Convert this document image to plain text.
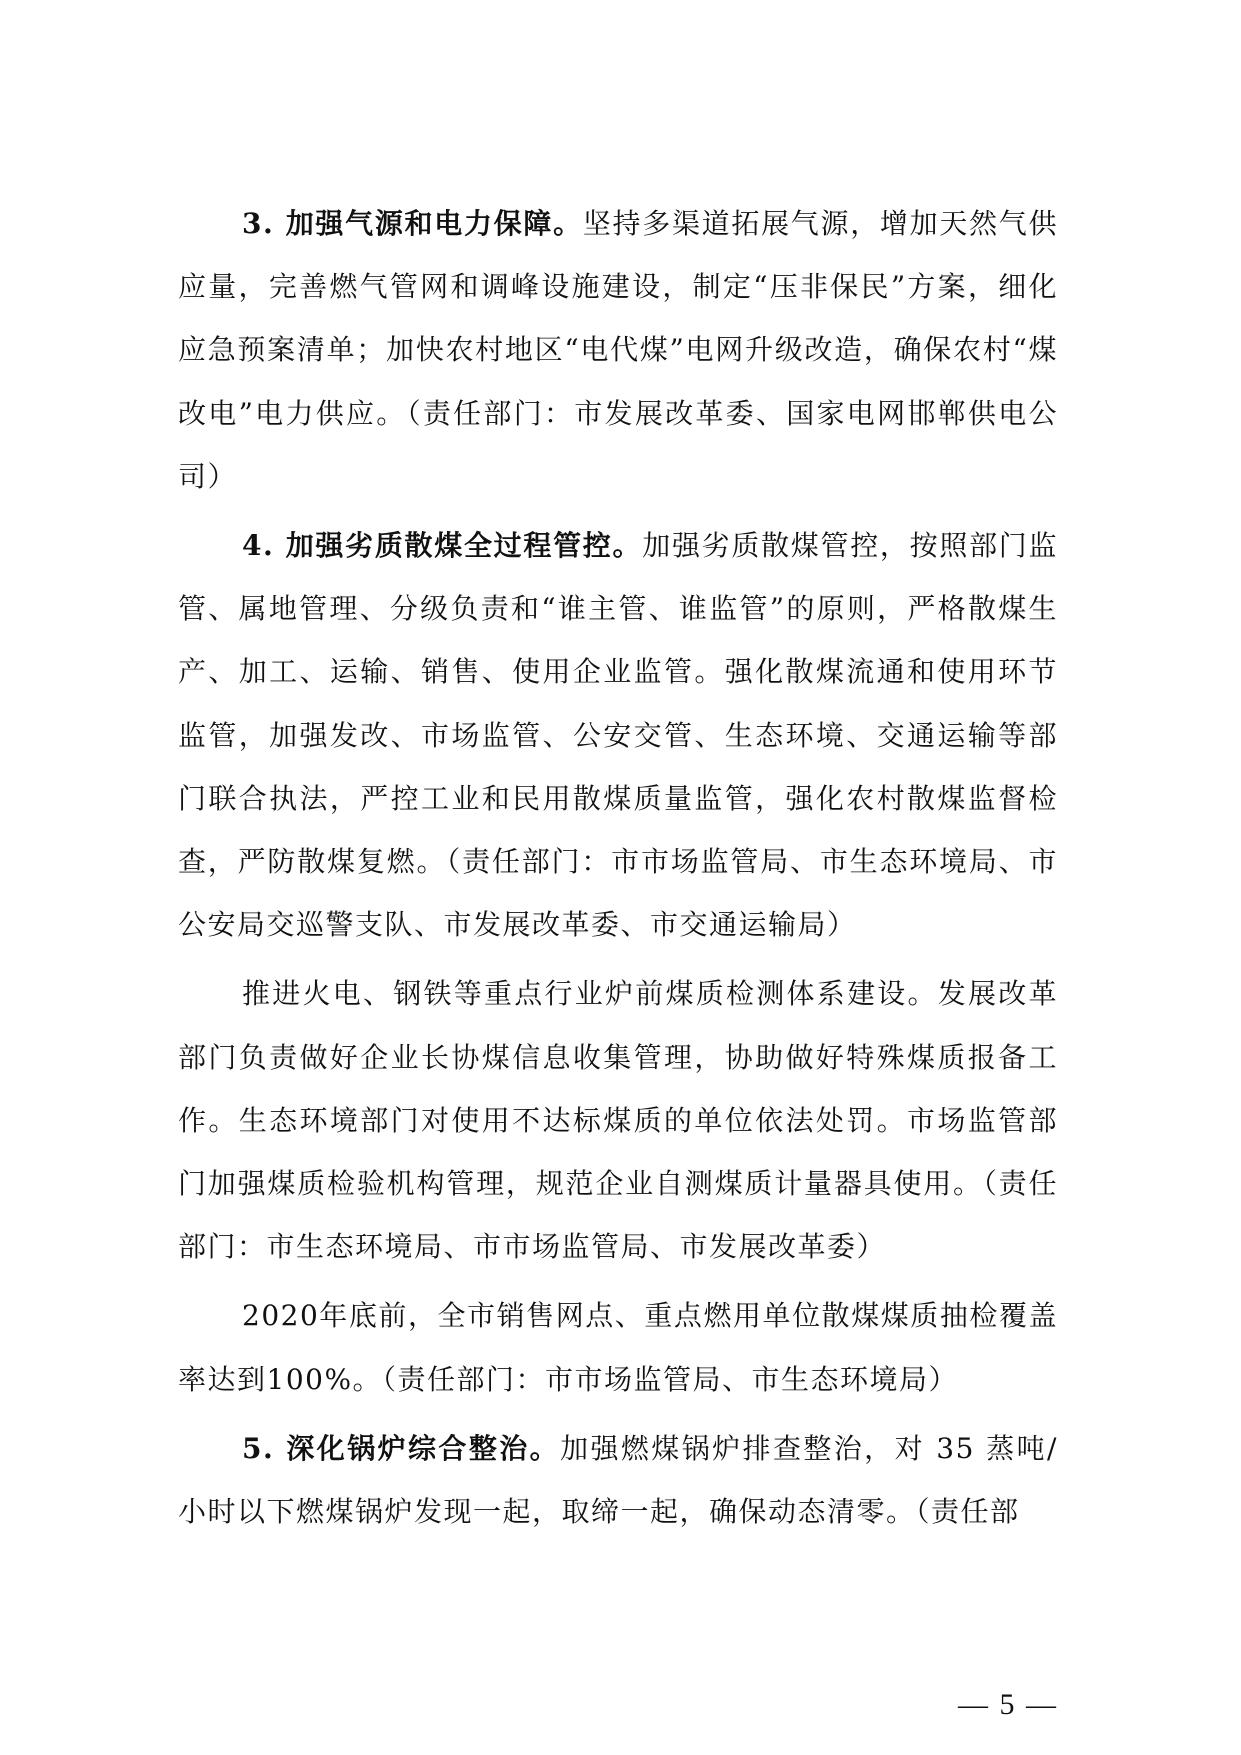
3. 加强气源和电力保障。坚持多渠道拓展气源，增加天然气供应量，完善燃气管网和调峰设施建设，制定“压非保民”方案，细化应急预案清单；加快农村地区“电代煤”电网升级改造，确保农村“煤改电”电力供应。（责任部门：市发展改革委、国家电网邯郸供电公司）

4. 加强劣质散煤全过程管控。加强劣质散煤管控，按照部门监管、属地管理、分级负责和“谁主管、谁监管”的原则，严格散煤生产、加工、运输、销售、使用企业监管。强化散煤流通和使用环节监管，加强发改、市场监管、公安交管、生态环境、交通运输等部门联合执法，严控工业和民用散煤质量监管，强化农村散煤监督检查，严防散煤复燃。（责任部门：市市场监管局、市生态环境局、市公安局交巡警支队、市发展改革委、市交通运输局）

推进火电、钢铁等重点行业炉前煤质检测体系建设。发展改革部门负责做好企业长协煤信息收集管理，协助做好特殊煤质报备工作。生态环境部门对使用不达标煤质的单位依法处罚。市场监管部门加强煤质检验机构管理，规范企业自测煤质计量器具使用。（责任部门：市生态环境局、市市场监管局、市发展改革委）

2020年底前，全市销售网点、重点燃用单位散煤煤质抽检覆盖率达到100%。（责任部门：市市场监管局、市生态环境局）

5. 深化锅炉综合整治。加强燃煤锅炉排查整治，对 35 蒸吨/小时以下燃煤锅炉发现一起，取缔一起，确保动态清零。（责任部

— 5 —
